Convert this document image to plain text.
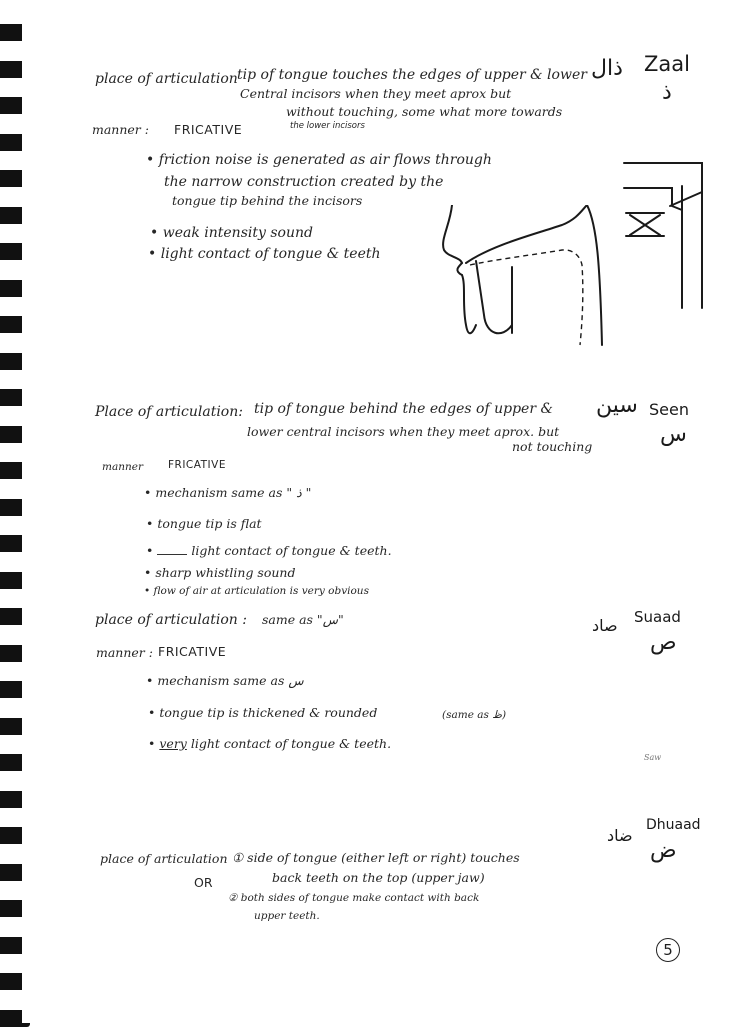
place of articulation tip of tongue touches the edges of upper & lower
Central incisors when they meet aprox but
without touching, some what more towards
the lower incisors
manner : FRICATIVE
• friction noise is generated as air flows through
the narrow construction created by the
tongue tip behind the incisors
• weak intensity sound
• light contact of tongue & teeth
ذال Zaal
ذ
Place of articulation: tip of tongue behind the edges of upper &
lower central incisors when they meet aprox. but
not touching
manner FRICATIVE
• mechanism same as " ذ "
• tongue tip is flat
•	light contact of tongue & teeth.
• sharp whistling sound
• flow of air at articulation is very obvious
سين Seen
س
place of articulation : same as "س"
manner : FRICATIVE
• mechanism same as س
• tongue tip is thickened & rounded	(same as ظ)
• very light contact of tongue & teeth.
صاد Suaad
ص
Saw
place of articulation ① side of tongue (either left or right) touches
back teeth on the top (upper jaw)
OR
② both sides of tongue make contact with back
upper teeth.
ضاد
Dhuaad
ض
5
